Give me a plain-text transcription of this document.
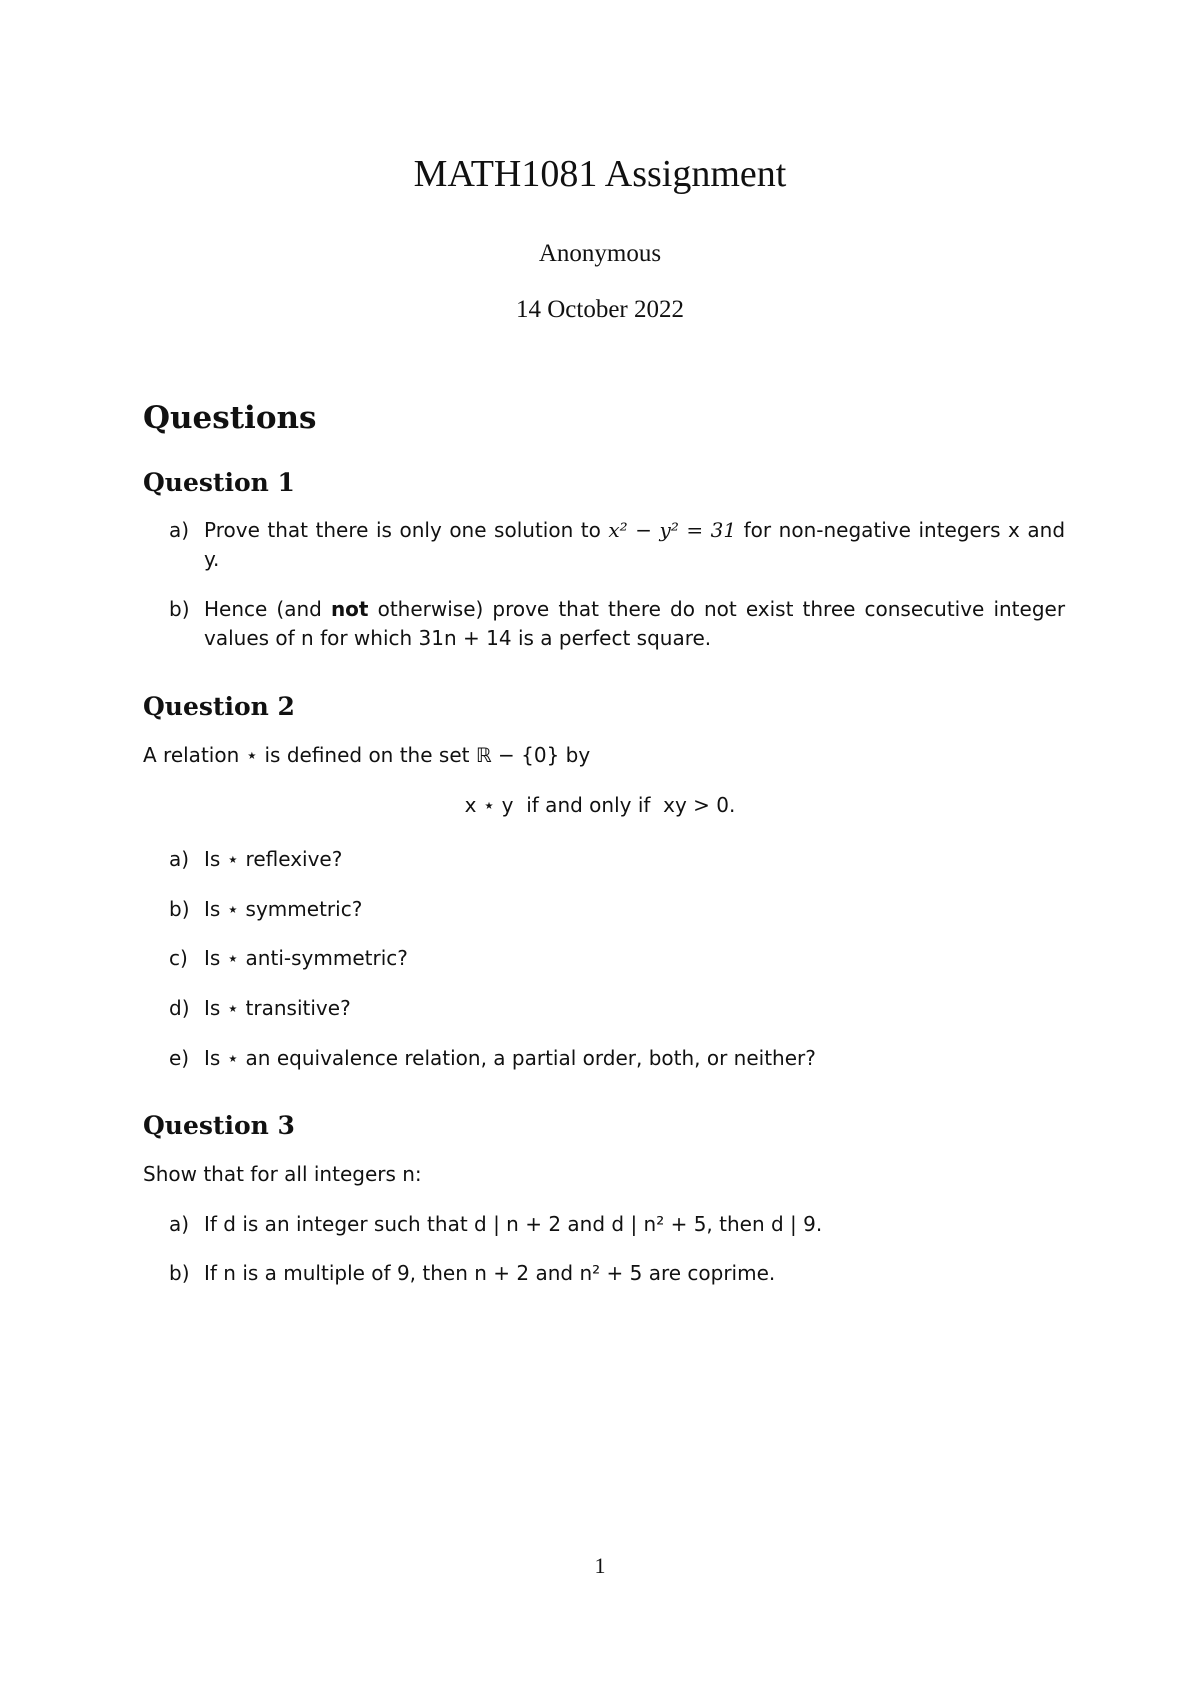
MATH1081 Assignment
Anonymous
14 October 2022
Questions
Question 1
a) Prove that there is only one solution to x² − y² = 31 for non-negative integers x and y.
b) Hence (and not otherwise) prove that there do not exist three consecutive integer values of n for which 31n + 14 is a perfect square.
Question 2
A relation ⋆ is defined on the set ℝ − {0} by
x ⋆ y  if and only if  xy > 0.
a) Is ⋆ reflexive?
b) Is ⋆ symmetric?
c) Is ⋆ anti-symmetric?
d) Is ⋆ transitive?
e) Is ⋆ an equivalence relation, a partial order, both, or neither?
Question 3
Show that for all integers n:
a) If d is an integer such that d | n + 2 and d | n² + 5, then d | 9.
b) If n is a multiple of 9, then n + 2 and n² + 5 are coprime.
1
